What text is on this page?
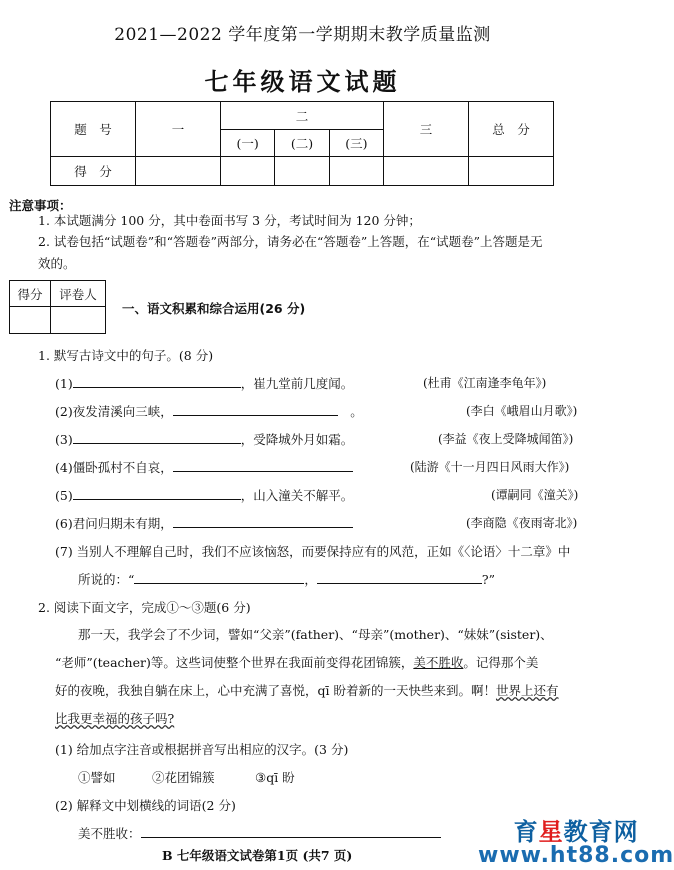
2021—2022 学年度第一学期期末教学质量监测
七年级语文试题
题　号	一	二			三	总　分
		(一)	(二)	(三)		
得　分						
注意事项：
1. 本试题满分 100 分，其中卷面书写 3 分，考试时间为 120 分钟；
2. 试卷包括“试题卷”和“答题卷”两部分，请务必在“答题卷”上答题，在“试题卷”上答题是无
效的。
得分	评卷人

一、语文积累和综合运用(26 分)
1. 默写古诗文中的句子。(8 分)
(1)	，崔九堂前几度闻。	(杜甫《江南逢李龟年》)
(2)夜发清溪向三峡，　	。	(李白《峨眉山月歌》)
(3)	，受降城外月如霜。	(李益《夜上受降城闻笛》)
(4)僵卧孤村不自哀，	(陆游《十一月四日风雨大作》)
(5)	，山入潼关不解平。	(谭嗣同《潼关》)
(6)君问归期未有期，	(李商隐《夜雨寄北》)
(7) 当别人不理解自己时，我们不应该恼怒，而要保持应有的风范，正如《〈论语〉十二章》中
所说的：“	，	?”
2. 阅读下面文字，完成①～③题(6 分)
那一天，我学会了不少词，譬如“父亲”(father)、“母亲”(mother)、“妹妹”(sister)、
“老师”(teacher)等。这些词使整个世界在我面前变得花团锦簇，美不胜收。记得那个美
好的夜晚，我独自躺在床上，心中充满了喜悦，qī 盼着新的一天快些来到。啊！世界上还有
比我更幸福的孩子吗?
(1) 给加点字注音或根据拼音写出相应的汉字。(3 分)
①譬如	②花团锦簇	③qī 盼
(2) 解释文中划横线的词语(2 分)
美不胜收：
B 七年级语文试卷第1页 (共7 页)
育星教育网
www.ht88.com
